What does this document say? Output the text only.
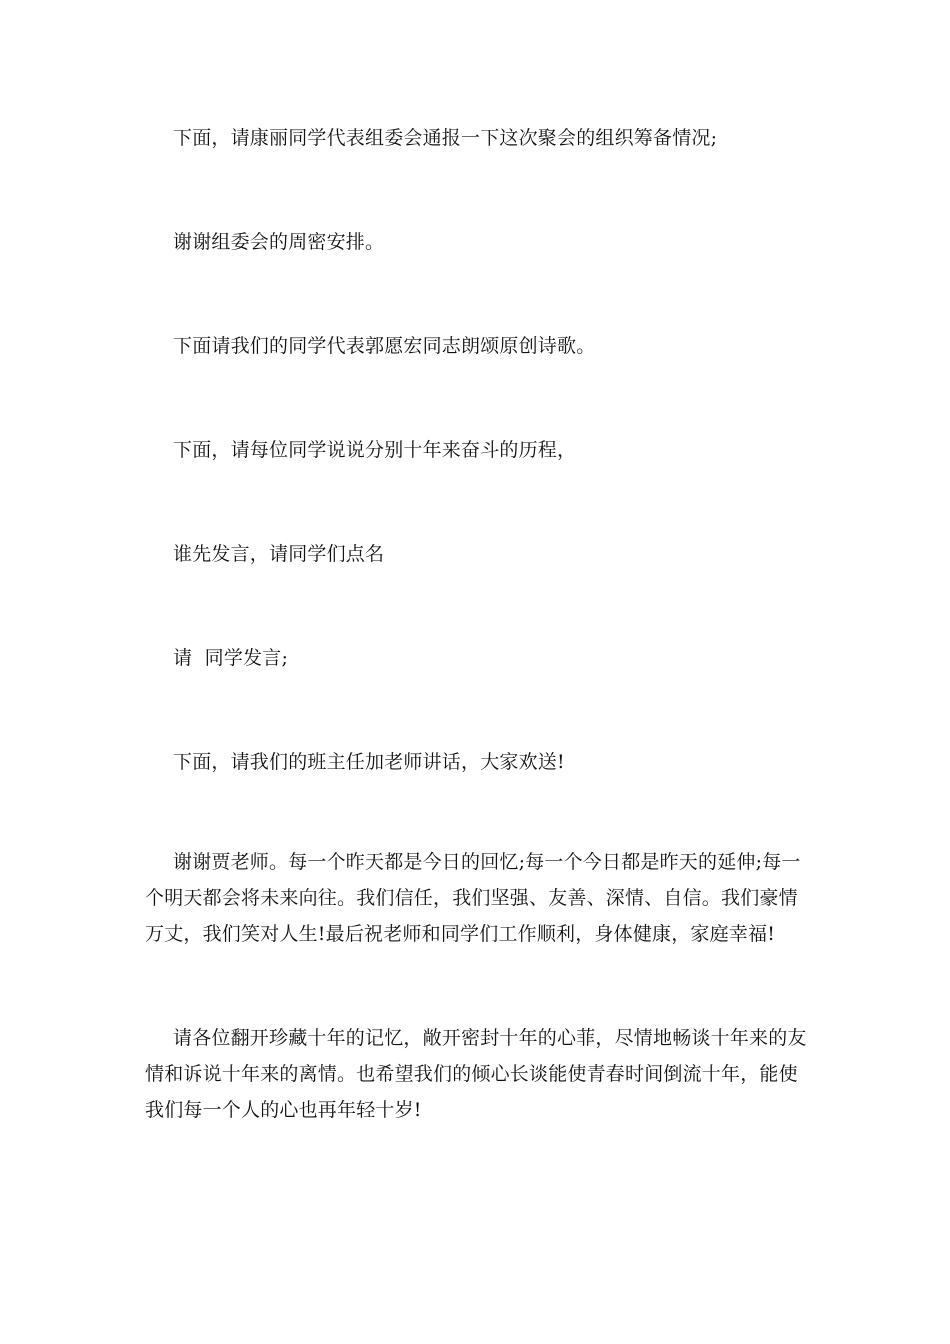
下面，请康丽同学代表组委会通报一下这次聚会的组织筹备情况;

谢谢组委会的周密安排。

下面请我们的同学代表郭愿宏同志朗颂原创诗歌。

下面，请每位同学说说分别十年来奋斗的历程，

谁先发言，请同学们点名

请  同学发言;

下面，请我们的班主任加老师讲话，大家欢送!

谢谢贾老师。每一个昨天都是今日的回忆;每一个今日都是昨天的延伸;每一个明天都会将未来向往。我们信任，我们坚强、友善、深情、自信。我们豪情万丈，我们笑对人生!最后祝老师和同学们工作顺利，身体健康，家庭幸福!

请各位翻开珍藏十年的记忆，敞开密封十年的心菲，尽情地畅谈十年来的友情和诉说十年来的离情。也希望我们的倾心长谈能使青春时间倒流十年，能使我们每一个人的心也再年轻十岁!
